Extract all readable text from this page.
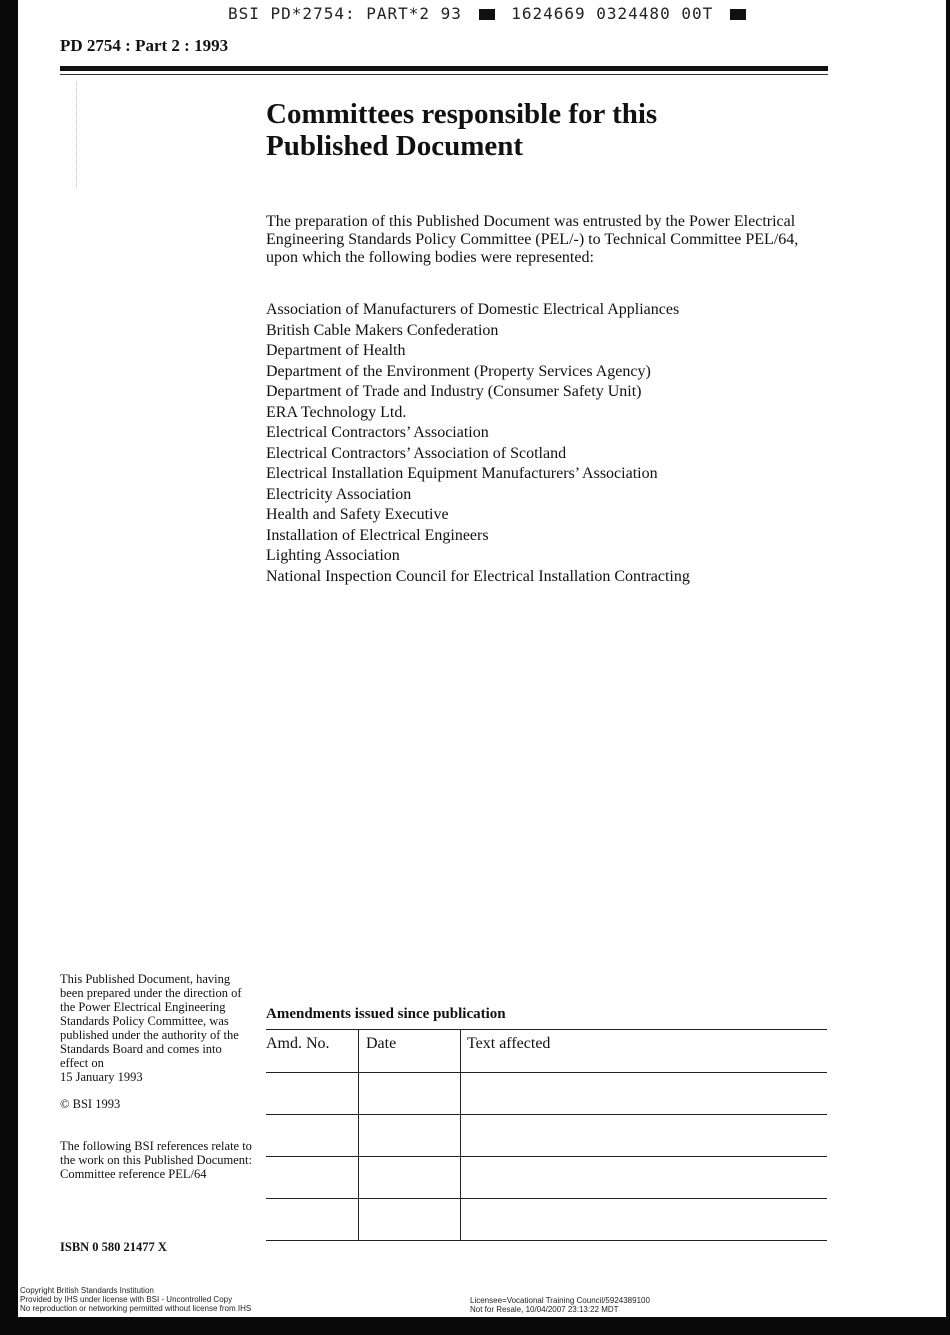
BSI PD*2754: PART*2 93	1624669 0324480 00T
PD 2754 : Part 2 : 1993
Committees responsible for this
Published Document

The preparation of this Published Document was entrusted by the Power Electrical Engineering Standards Policy Committee (PEL/-) to Technical Committee PEL/64, upon which the following bodies were represented:

Association of Manufacturers of Domestic Electrical Appliances
British Cable Makers Confederation
Department of Health
Department of the Environment (Property Services Agency)
Department of Trade and Industry (Consumer Safety Unit)
ERA Technology Ltd.
Electrical Contractors’ Association
Electrical Contractors’ Association of Scotland
Electrical Installation Equipment Manufacturers’ Association
Electricity Association
Health and Safety Executive
Installation of Electrical Engineers
Lighting Association
National Inspection Council for Electrical Installation Contracting

This Published Document, having been prepared under the direction of the Power Electrical Engineering Standards Policy Committee, was published under the authority of the Standards Board and comes into effect on

15 January 1993

© BSI 1993

The following BSI references relate to the work on this Published Document:

Committee reference PEL/64

ISBN 0 580 21477 X
Amendments issued since publication
Amd. No.	Date	Text affected

Copyright British Standards Institution

Provided by IHS under license with BSI - Uncontrolled Copy

No reproduction or networking permitted without license from IHS

Licensee=Vocational Training Council/5924389100

Not for Resale, 10/04/2007 23:13:22 MDT
